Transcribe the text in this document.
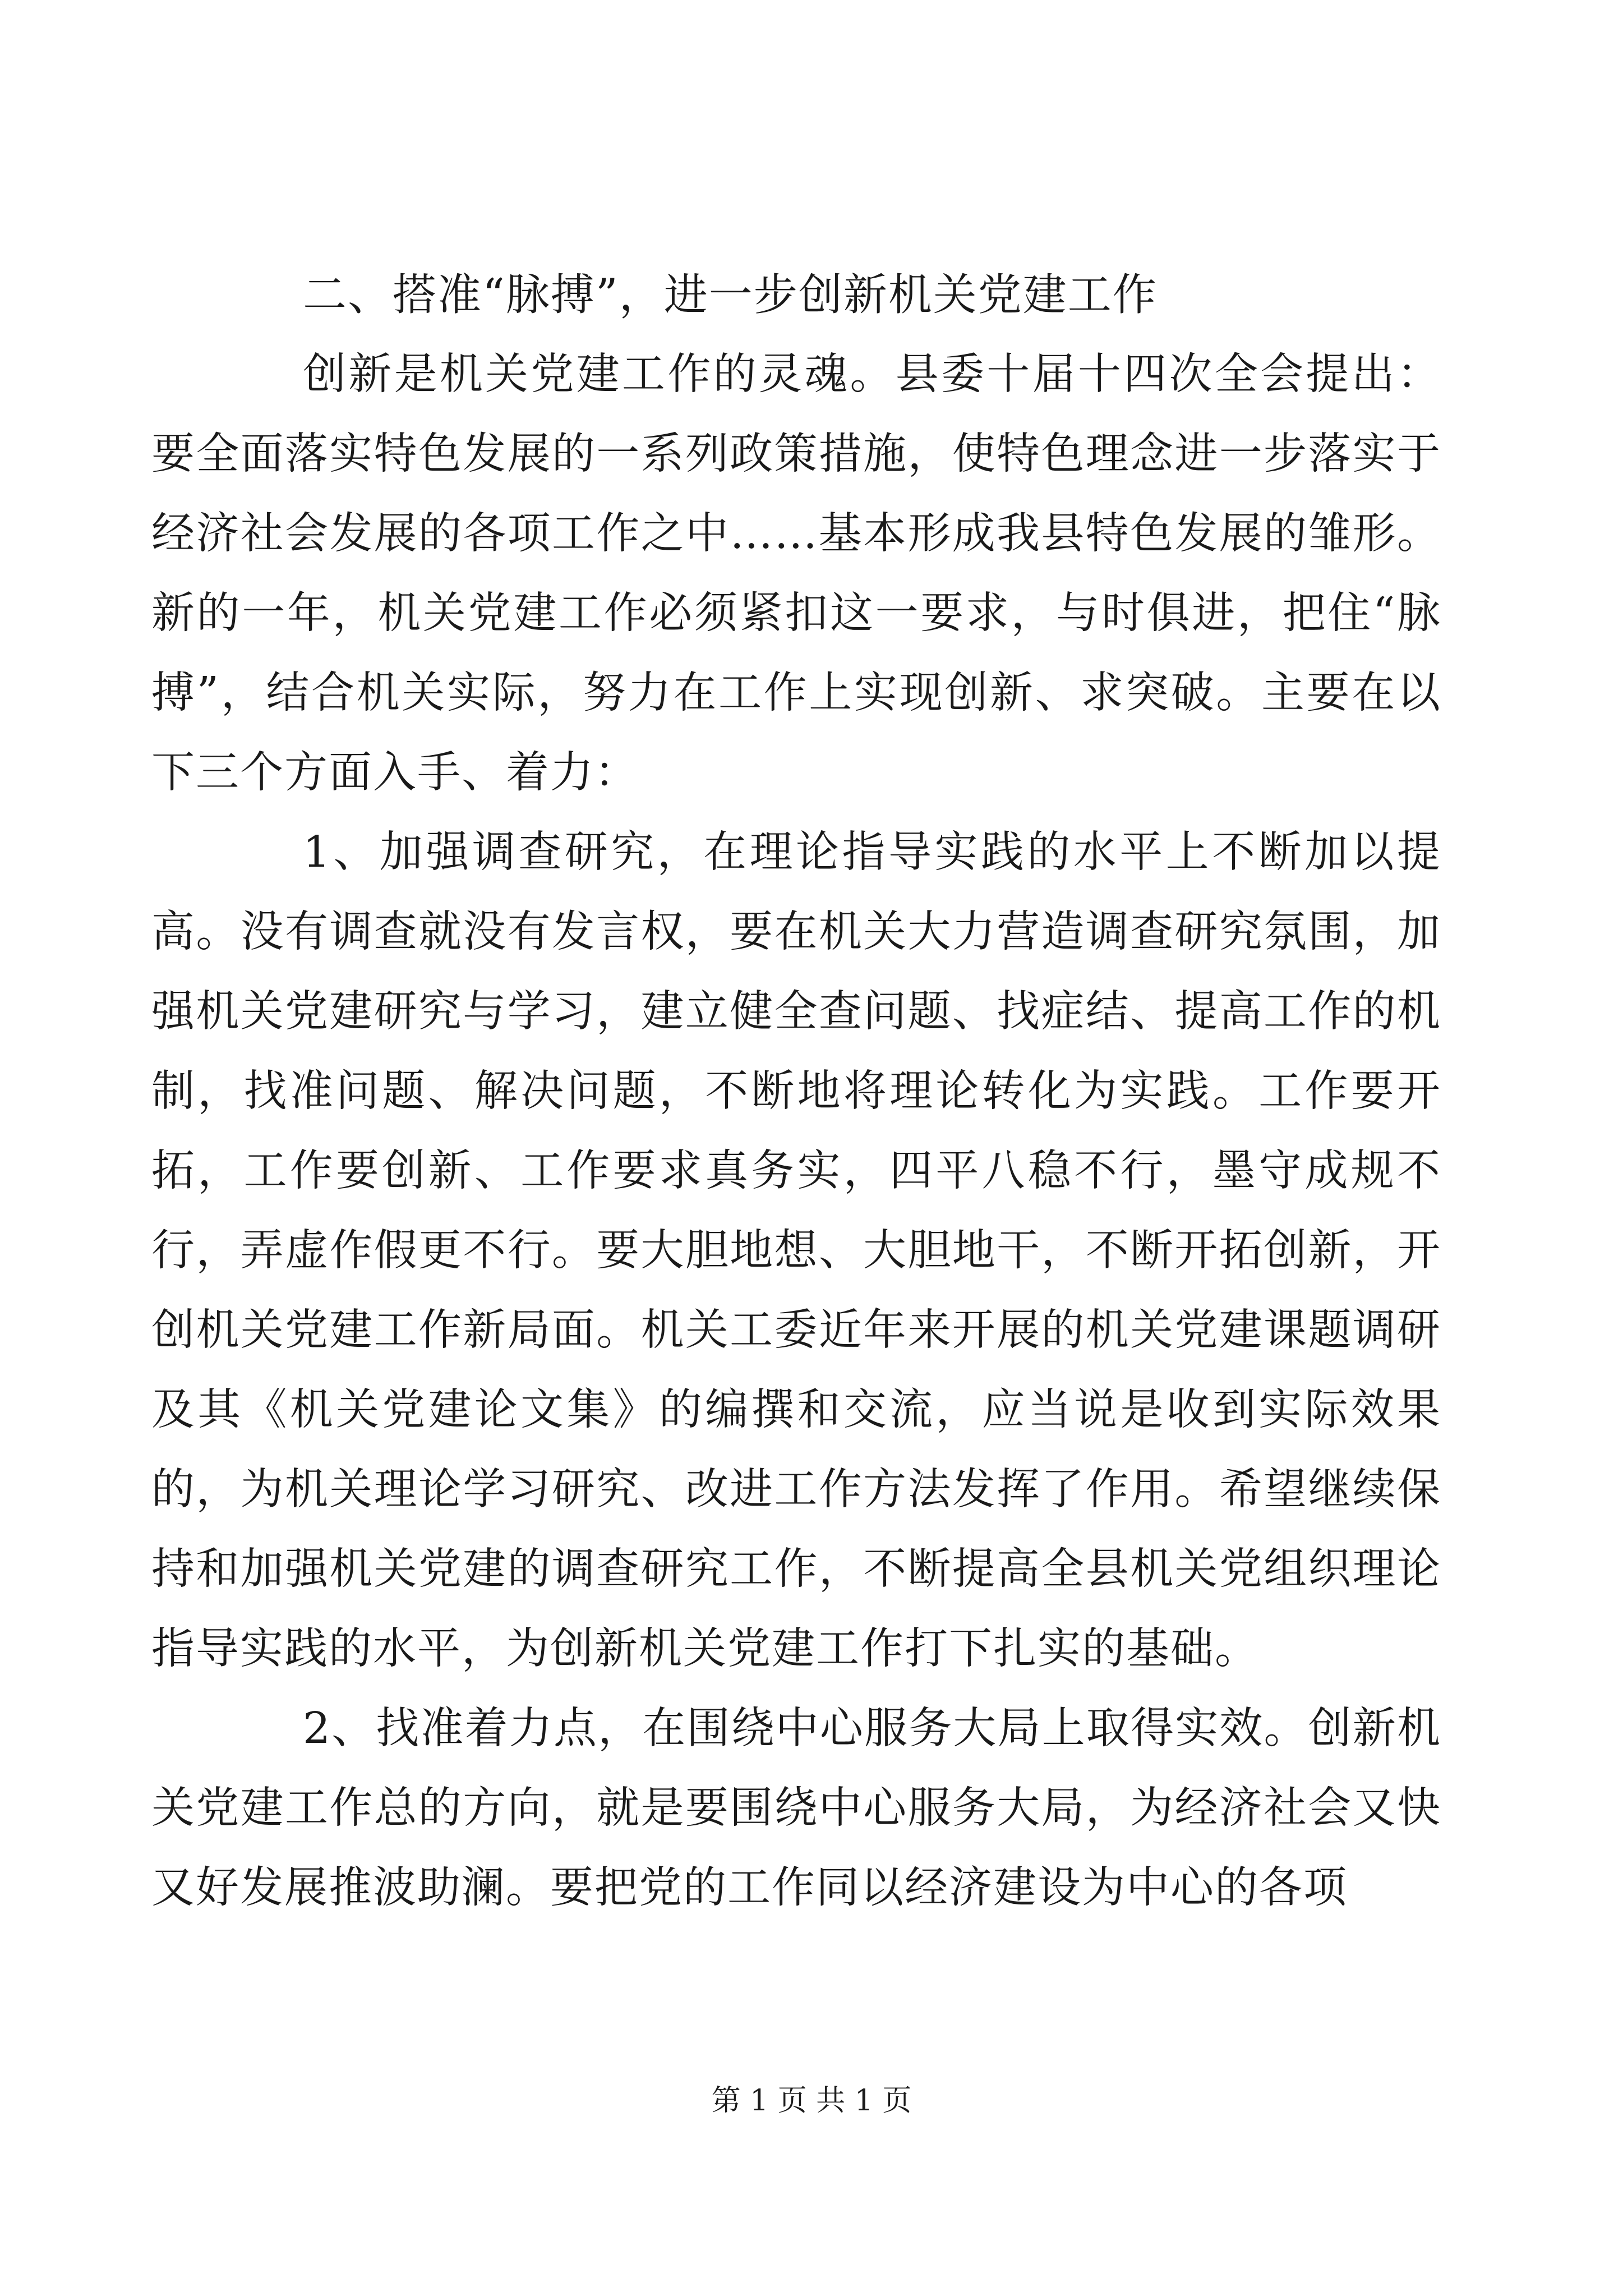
二、搭准“脉搏”，进一步创新机关党建工作

创新是机关党建工作的灵魂。县委十届十四次全会提出：要全面落实特色发展的一系列政策措施，使特色理念进一步落实于经济社会发展的各项工作之中……基本形成我县特色发展的雏形。新的一年，机关党建工作必须紧扣这一要求，与时俱进，把住“脉搏”，结合机关实际，努力在工作上实现创新、求突破。主要在以下三个方面入手、着力：

1、加强调查研究，在理论指导实践的水平上不断加以提高。没有调查就没有发言权，要在机关大力营造调查研究氛围，加强机关党建研究与学习，建立健全查问题、找症结、提高工作的机制，找准问题、解决问题，不断地将理论转化为实践。工作要开拓，工作要创新、工作要求真务实，四平八稳不行，墨守成规不行，弄虚作假更不行。要大胆地想、大胆地干，不断开拓创新，开创机关党建工作新局面。机关工委近年来开展的机关党建课题调研及其《机关党建论文集》的编撰和交流，应当说是收到实际效果的，为机关理论学习研究、改进工作方法发挥了作用。希望继续保持和加强机关党建的调查研究工作，不断提高全县机关党组织理论指导实践的水平，为创新机关党建工作打下扎实的基础。

2、找准着力点，在围绕中心服务大局上取得实效。创新机关党建工作总的方向，就是要围绕中心服务大局，为经济社会又快又好发展推波助澜。要把党的工作同以经济建设为中心的各项

第 1 页 共 1 页
